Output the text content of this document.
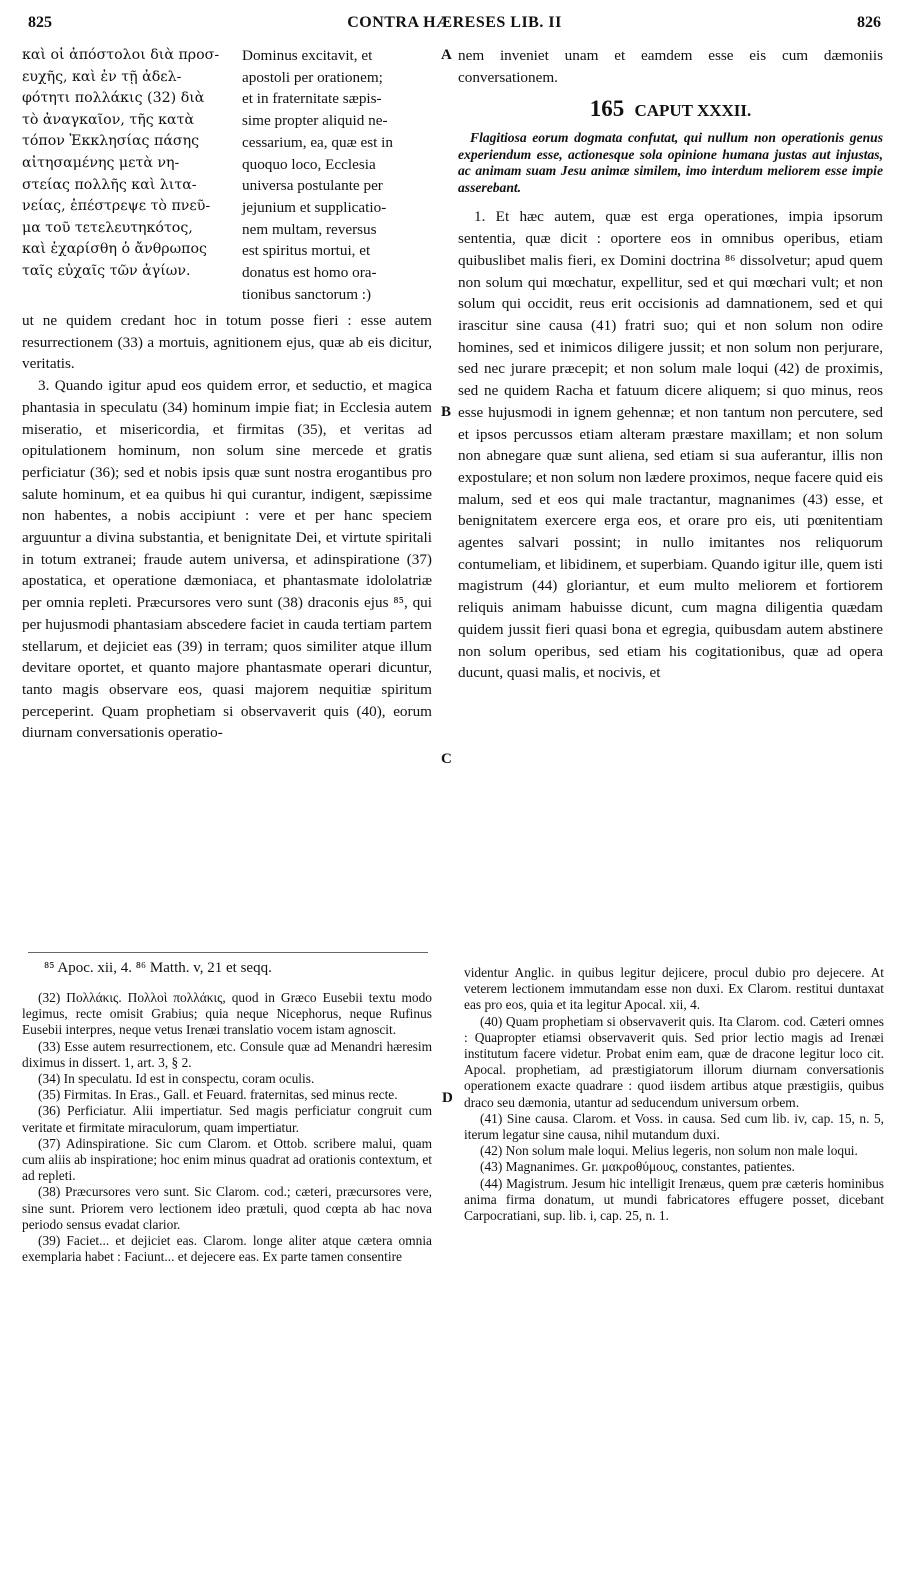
825	CONTRA HÆRESES LIB. II	826
καὶ οἱ ἀπόστολοι διὰ προσ-
ευχῆς, καὶ ἐν τῇ ἀδελ-
φότητι πολλάκις (32) διὰ
τὸ ἀναγκαῖον, τῆς κατὰ
τόπον Ἐκκλησίας πάσης
αἰτησαμένης μετὰ νη-
στείας πολλῆς καὶ λιτα-
νείας, ἐπέστρεψε τὸ πνεῦ-
μα τοῦ τετελευτηκότος,
καὶ ἐχαρίσθη ὁ ἄνθρωπος
ταῖς εὐχαῖς τῶν ἁγίων.
Dominus excitavit, et
apostoli per orationem;
et in fraternitate sæpis-
sime propter aliquid ne-
cessarium, ea, quæ est in
quoquo loco, Ecclesia
universa postulante per
jejunium et supplicatio-
nem multam, reversus
est spiritus mortui, et
donatus est homo ora-
tionibus sanctorum :)

ut ne quidem credant hoc in totum posse fieri : esse autem resurrectionem (33) a mortuis, agnitionem ejus, quæ ab eis dicitur, veritatis.

3. Quando igitur apud eos quidem error, et seductio, et magica phantasia in speculatu (34) hominum impie fiat; in Ecclesia autem miseratio, et misericordia, et firmitas (35), et veritas ad opitulationem hominum, non solum sine mercede et gratis perficiatur (36); sed et nobis ipsis quæ sunt nostra erogantibus pro salute hominum, et ea quibus hi qui curantur, indigent, sæpissime non habentes, a nobis accipiunt : vere et per hanc speciem arguuntur a divina substantia, et benignitate Dei, et virtute spiritali in totum extranei; fraude autem universa, et adinspiratione (37) apostatica, et operatione dæmoniaca, et phantasmate idololatriæ per omnia repleti. Præcursores vero sunt (38) draconis ejus ⁸⁵, qui per hujusmodi phantasiam abscedere faciet in cauda tertiam partem stellarum, et dejiciet eas (39) in terram; quos similiter atque illum devitare oportet, et quanto majore phantasmate operari dicuntur, tanto magis observare eos, quasi majorem nequitiæ spiritum perceperint. Quam prophetiam si observaverit quis (40), eorum diurnam conversationis operatio-

A
B
C
D

nem inveniet unam et eamdem esse eis cum dæmoniis conversationem.

165 CAPUT XXXII.

Flagitiosa eorum dogmata confutat, qui nullum non operationis genus experiendum esse, actionesque sola opinione humana justas aut injustas, ac animam suam Jesu animæ similem, imo interdum meliorem esse impie asserebant.

1. Et hæc autem, quæ est erga operationes, impia ipsorum sententia, quæ dicit : oportere eos in omnibus operibus, etiam quibuslibet malis fieri, ex Domini doctrina ⁸⁶ dissolvetur; apud quem non solum qui mœchatur, expellitur, sed et qui mœchari vult; et non solum qui occidit, reus erit occisionis ad damnationem, sed et qui irascitur sine causa (41) fratri suo; qui et non solum non odire homines, sed et inimicos diligere jussit; et non solum non perjurare, sed nec jurare præcepit; et non solum male loqui (42) de proximis, sed ne quidem Racha et fatuum dicere aliquem; si quo minus, reos esse hujusmodi in ignem gehennæ; et non tantum non percutere, sed et ipsos percussos etiam alteram præstare maxillam; et non solum non abnegare quæ sunt aliena, sed etiam si sua auferantur, illis non expostulare; et non solum non lædere proximos, neque facere quid eis malum, sed et eos qui male tractantur, magnanimes (43) esse, et benignitatem exercere erga eos, et orare pro eis, uti pœnitentiam agentes salvari possint; in nullo imitantes nos reliquorum contumeliam, et libidinem, et superbiam. Quando igitur ille, quem isti magistrum (44) gloriantur, et eum multo meliorem et fortiorem reliquis animam habuisse dicunt, cum magna diligentia quædam quidem jussit fieri quasi bona et egregia, quibusdam autem abstinere non solum operibus, sed etiam his cogitationibus, quæ ad opera ducunt, quasi malis, et nocivis, et

⁸⁵ Apoc. xii, 4. ⁸⁶ Matth. v, 21 et seqq.

(32) Πολλάκις. Πολλοὶ πολλάκις, quod in Græco Eusebii textu modo legimus, recte omisit Grabius; quia neque Nicephorus, neque Rufinus Eusebii interpres, neque vetus Irenæi translatio vocem istam agnoscit.

(33) Esse autem resurrectionem, etc. Consule quæ ad Menandri hæresim diximus in dissert. 1, art. 3, § 2.

(34) In speculatu. Id est in conspectu, coram oculis.

(35) Firmitas. In Eras., Gall. et Feuard. fraternitas, sed minus recte.

(36) Perficiatur. Alii impertiatur. Sed magis perficiatur congruit cum veritate et firmitate miraculorum, quam impertiatur.

(37) Adinspiratione. Sic cum Clarom. et Ottob. scribere malui, quam cum aliis ab inspiratione; hoc enim minus quadrat ad orationis contextum, et ad repleti.

(38) Præcursores vero sunt. Sic Clarom. cod.; cæteri, præcursores vere, sine sunt. Priorem vero lectionem ideo prætuli, quod cœpta ab hac nova periodo sensus evadat clarior.

(39) Faciet... et dejiciet eas. Clarom. longe aliter atque cætera omnia exemplaria habet : Faciunt... et dejecere eas. Ex parte tamen consentire

videntur Anglic. in quibus legitur dejicere, procul dubio pro dejecere. At veterem lectionem immutandam esse non duxi. Ex Clarom. restitui duntaxat eas pro eos, quia et ita legitur Apocal. xii, 4.

(40) Quam prophetiam si observaverit quis. Ita Clarom. cod. Cæteri omnes : Quapropter etiamsi observaverit quis. Sed prior lectio magis ad Irenæi institutum facere videtur. Probat enim eam, quæ de dracone legitur loco cit. Apocal. prophetiam, ad præstigiatorum illorum diurnam conversationis operationem exacte quadrare : quod iisdem artibus atque præstigiis, quibus draco seu dæmonia, utantur ad seducendum universum orbem.

(41) Sine causa. Clarom. et Voss. in causa. Sed cum lib. iv, cap. 15, n. 5, iterum legatur sine causa, nihil mutandum duxi.

(42) Non solum male loqui. Melius legeris, non solum non male loqui.

(43) Magnanimes. Gr. μακροθύμους, constantes, patientes.

(44) Magistrum. Jesum hic intelligit Irenæus, quem præ cæteris hominibus anima firma donatum, ut mundi fabricatores effugere posset, dicebant Carpocratiani, sup. lib. i, cap. 25, n. 1.
